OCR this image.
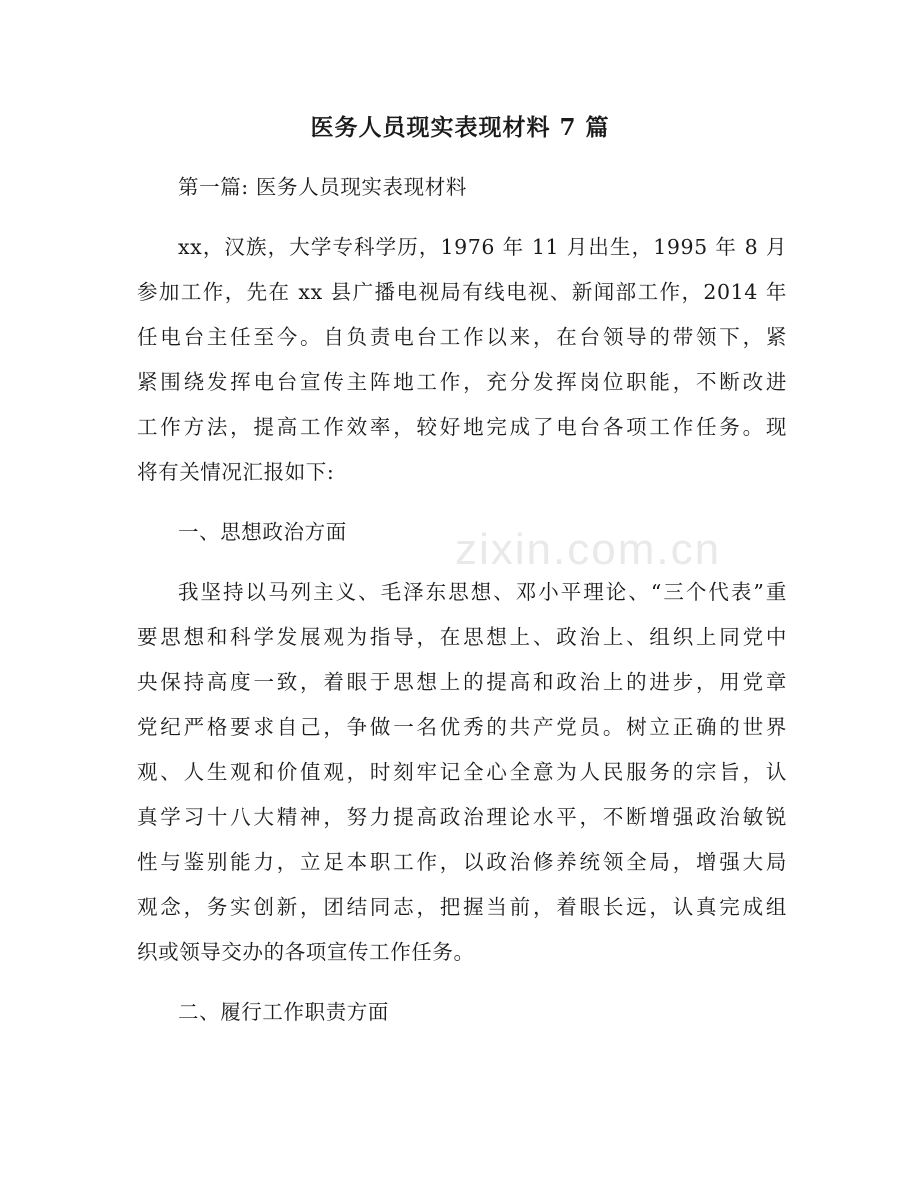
zixin.com.cn
医务人员现实表现材料 7 篇
第一篇: 医务人员现实表现材料
xx，汉族，大学专科学历，1976 年 11 月出生，1995 年 8 月
参加工作，先在 xx 县广播电视局有线电视、新闻部工作，2014 年
任电台主任至今。自负责电台工作以来，在台领导的带领下，紧
紧围绕发挥电台宣传主阵地工作，充分发挥岗位职能，不断改进
工作方法，提高工作效率，较好地完成了电台各项工作任务。现
将有关情况汇报如下:
一、思想政治方面
我坚持以马列主义、毛泽东思想、邓小平理论、“三个代表”重
要思想和科学发展观为指导，在思想上、政治上、组织上同党中
央保持高度一致，着眼于思想上的提高和政治上的进步，用党章
党纪严格要求自己，争做一名优秀的共产党员。树立正确的世界
观、人生观和价值观，时刻牢记全心全意为人民服务的宗旨，认
真学习十八大精神，努力提高政治理论水平，不断增强政治敏锐
性与鉴别能力，立足本职工作，以政治修养统领全局，增强大局
观念，务实创新，团结同志，把握当前，着眼长远，认真完成组
织或领导交办的各项宣传工作任务。
二、履行工作职责方面
